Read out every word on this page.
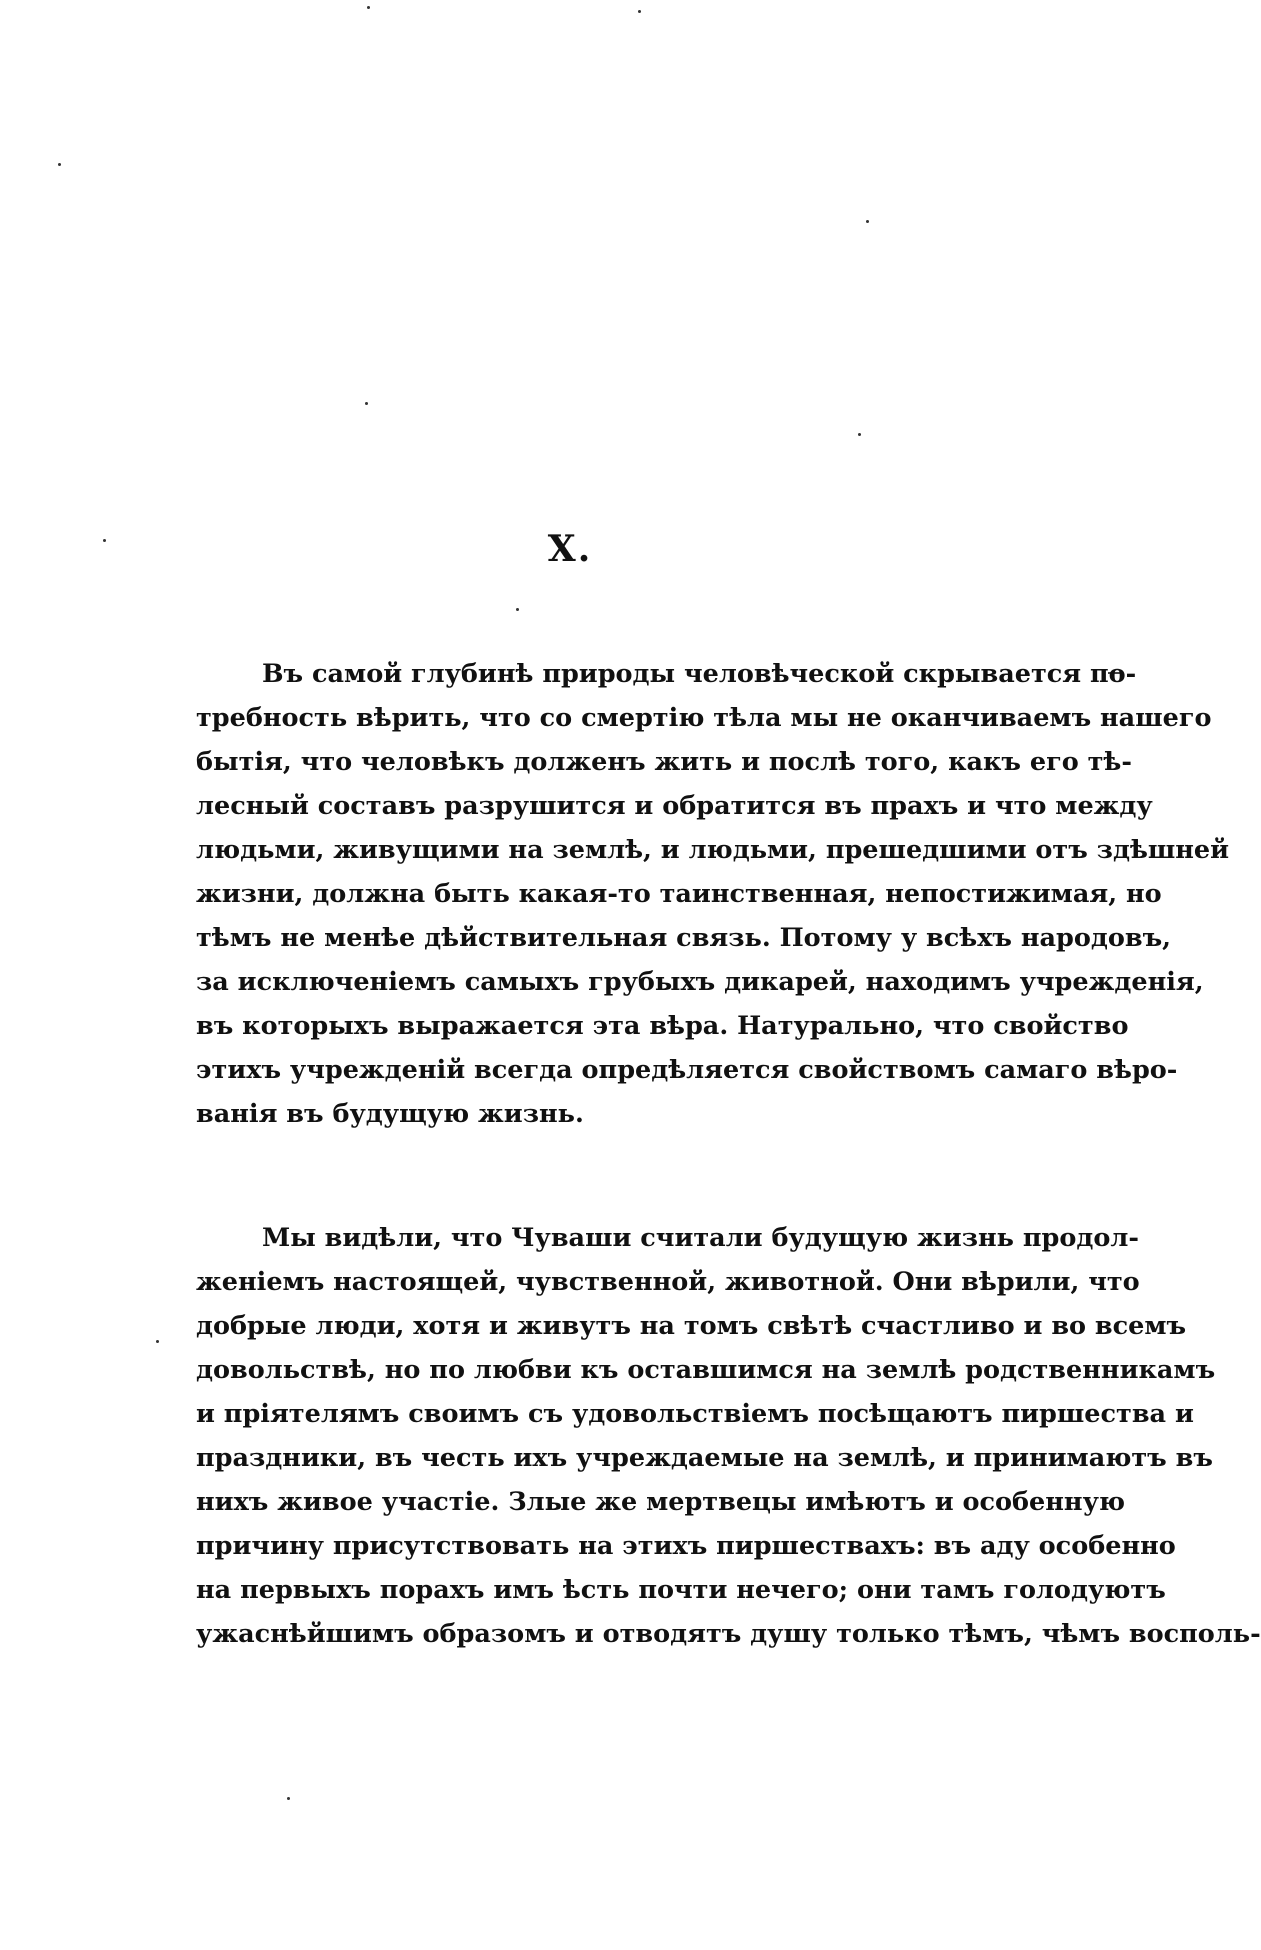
X.
Въ самой глубинѣ природы человѣческой скрывается по-
требность вѣрить, что со смертію тѣла мы не оканчиваемъ нашего
бытія, что человѣкъ долженъ жить и послѣ того, какъ его тѣ-
лесный составъ разрушится и обратится въ прахъ и что между
людьми, живущими на землѣ, и людьми, прешедшими отъ здѣшней
жизни, должна быть какая-то таинственная, непостижимая, но
тѣмъ не менѣе дѣйствительная связь. Потому у всѣхъ народовъ,
за исключеніемъ самыхъ грубыхъ дикарей, находимъ учрежденія,
въ которыхъ выражается эта вѣра. Натурально, что свойство
этихъ учрежденій всегда опредѣляется свойствомъ самаго вѣро-
ванія въ будущую жизнь.
Мы видѣли, что Чуваши считали будущую жизнь продол-
женіемъ настоящей, чувственной, животной. Они вѣрили, что
добрые люди, хотя и живутъ на томъ свѣтѣ счастливо и во всемъ
довольствѣ, но по любви къ оставшимся на землѣ родственникамъ
и пріятелямъ своимъ съ удовольствіемъ посѣщаютъ пиршества и
праздники, въ честь ихъ учреждаемые на землѣ, и принимаютъ въ
нихъ живое участіе. Злые же мертвецы имѣютъ и особенную
причину присутствовать на этихъ пиршествахъ: въ аду особенно
на первыхъ порахъ имъ ѣсть почти нечего; они тамъ голодуютъ
ужаснѣйшимъ образомъ и отводятъ душу только тѣмъ, чѣмъ восполь-
